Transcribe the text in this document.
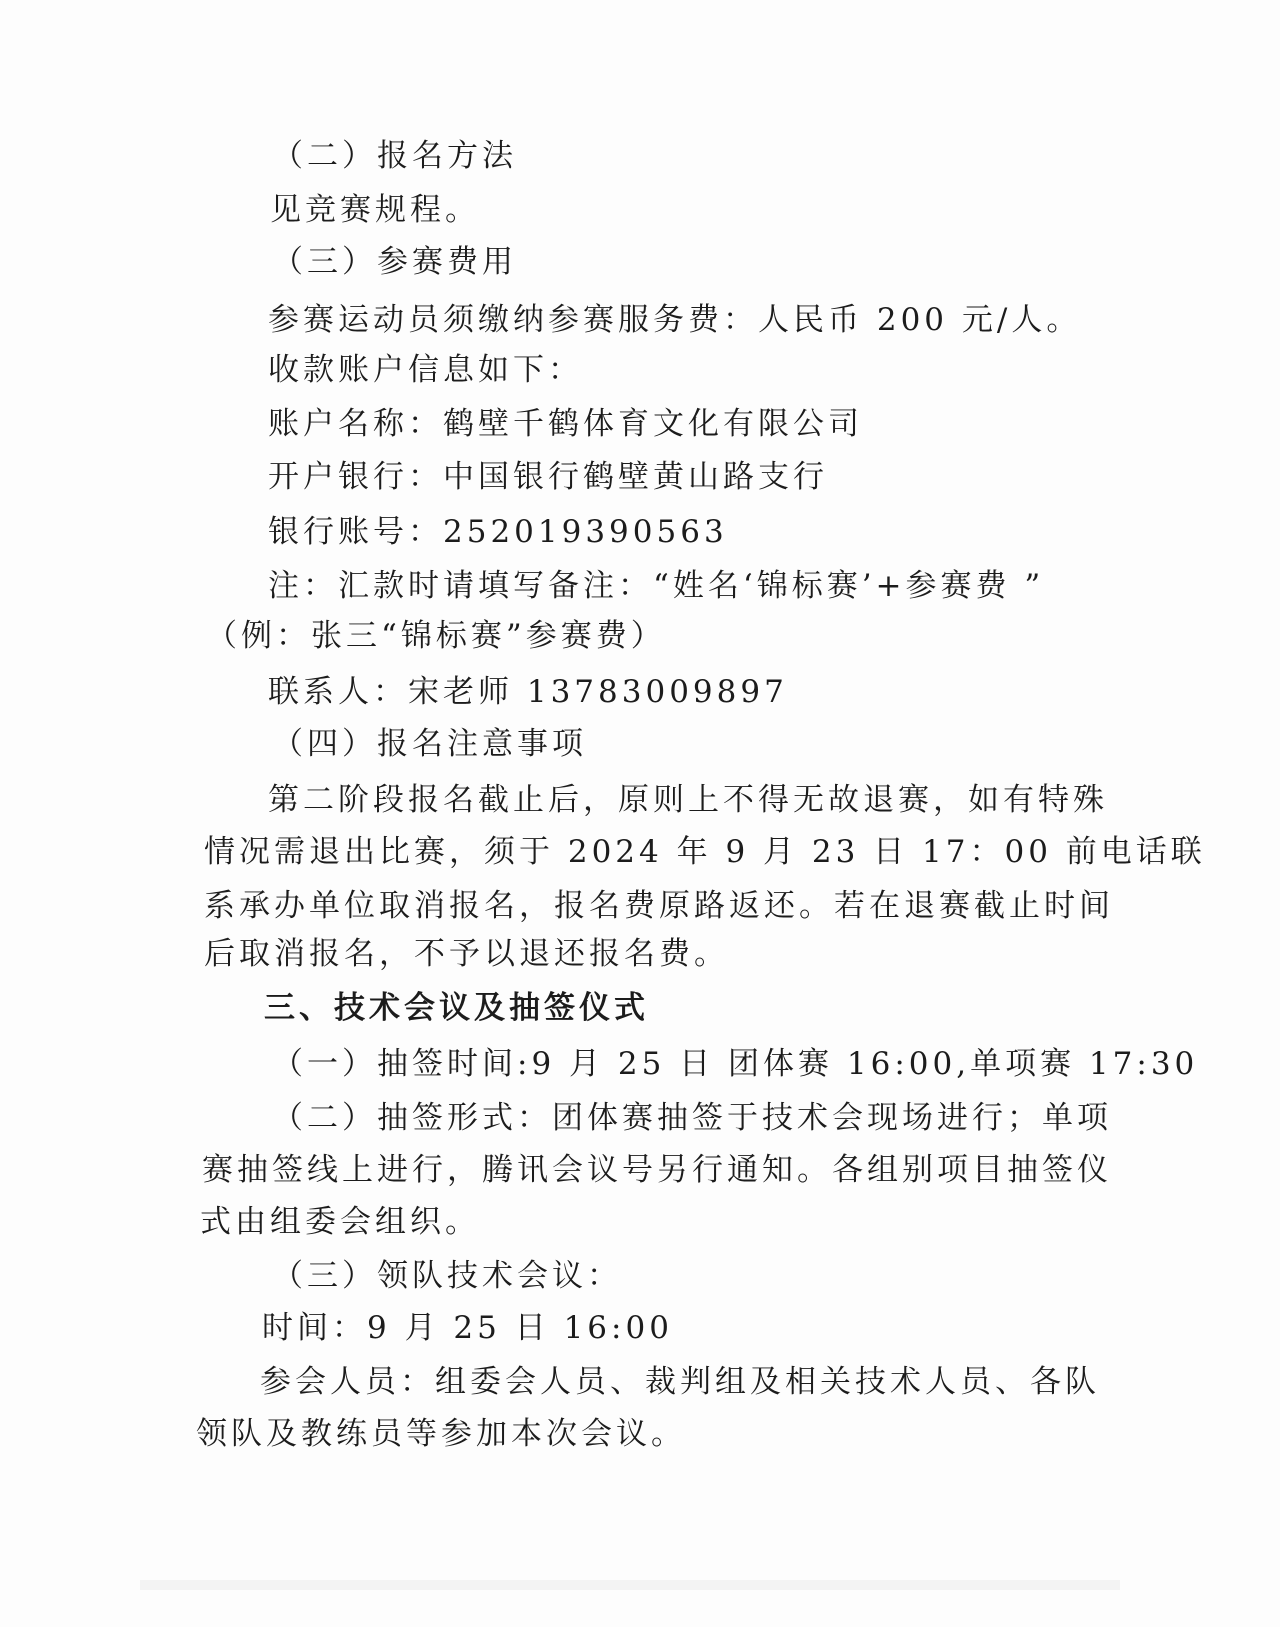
（二）报名方法
见竞赛规程。
（三）参赛费用
参赛运动员须缴纳参赛服务费：人民币 200 元/人。
收款账户信息如下：
账户名称：鹤壁千鹤体育文化有限公司
开户银行：中国银行鹤壁黄山路支行
银行账号：252019390563
注：汇款时请填写备注：“姓名‘锦标赛’+参赛费 ”
（例：张三“锦标赛”参赛费）
联系人：宋老师 13783009897
（四）报名注意事项
第二阶段报名截止后，原则上不得无故退赛，如有特殊
情况需退出比赛，须于 2024 年 9 月 23 日 17：00 前电话联
系承办单位取消报名，报名费原路返还。若在退赛截止时间
后取消报名，不予以退还报名费。
三、技术会议及抽签仪式
（一）抽签时间:9 月 25 日 团体赛 16:00,单项赛 17:30
（二）抽签形式：团体赛抽签于技术会现场进行；单项
赛抽签线上进行，腾讯会议号另行通知。各组别项目抽签仪
式由组委会组织。
（三）领队技术会议：
时间：9 月 25 日 16:00
参会人员：组委会人员、裁判组及相关技术人员、各队
领队及教练员等参加本次会议。
